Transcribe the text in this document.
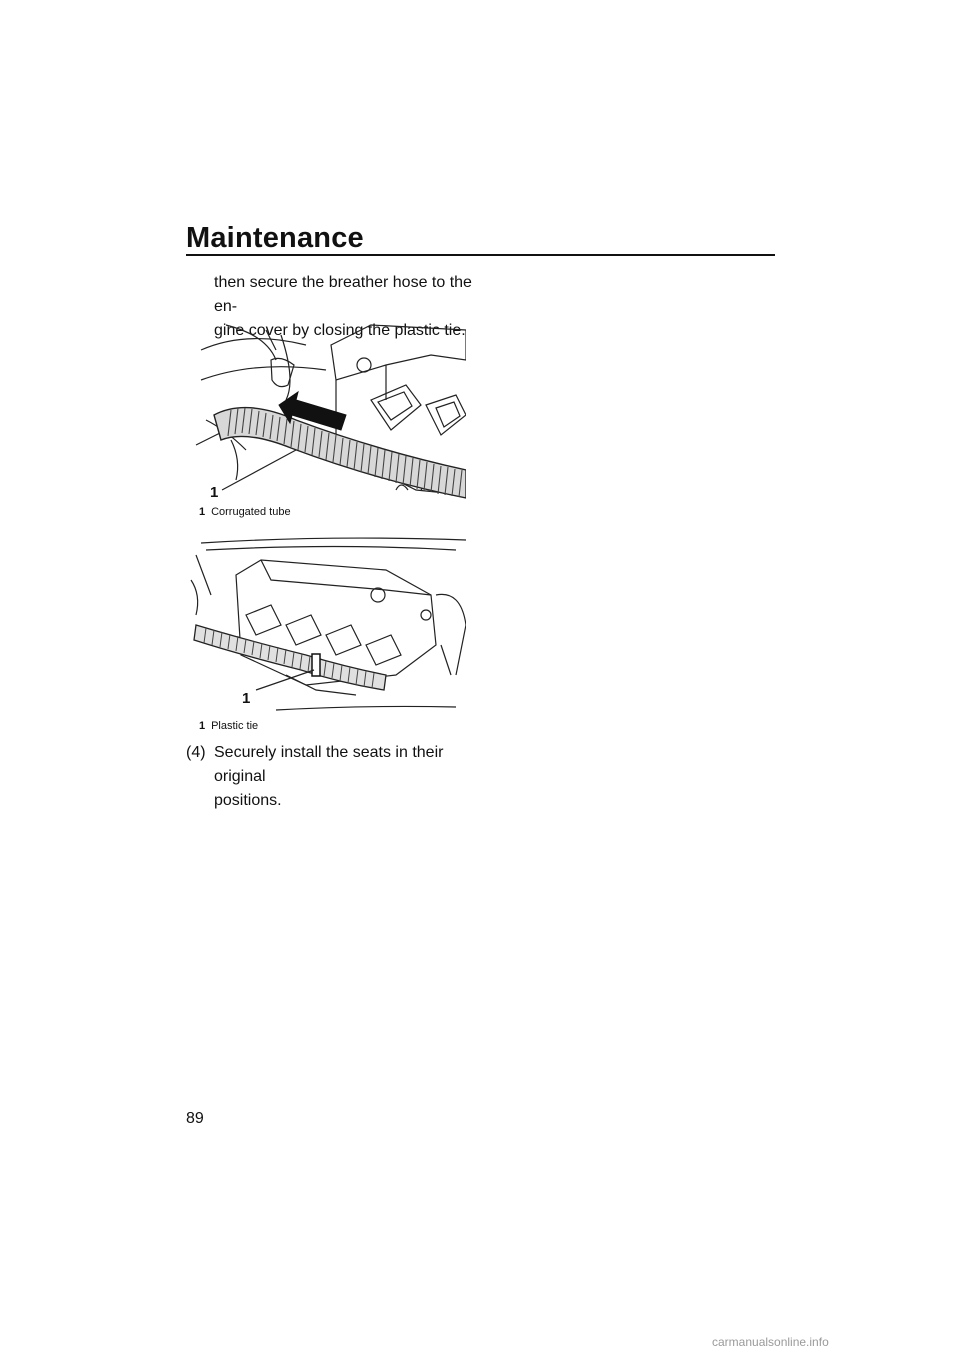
Maintenance
89
then secure the breather hose to the en-
gine cover by closing the plastic tie.
1
1 Corrugated tube
1
1 Plastic tie
(4) Securely install the seats in their original
positions.
carmanualsonline.info
